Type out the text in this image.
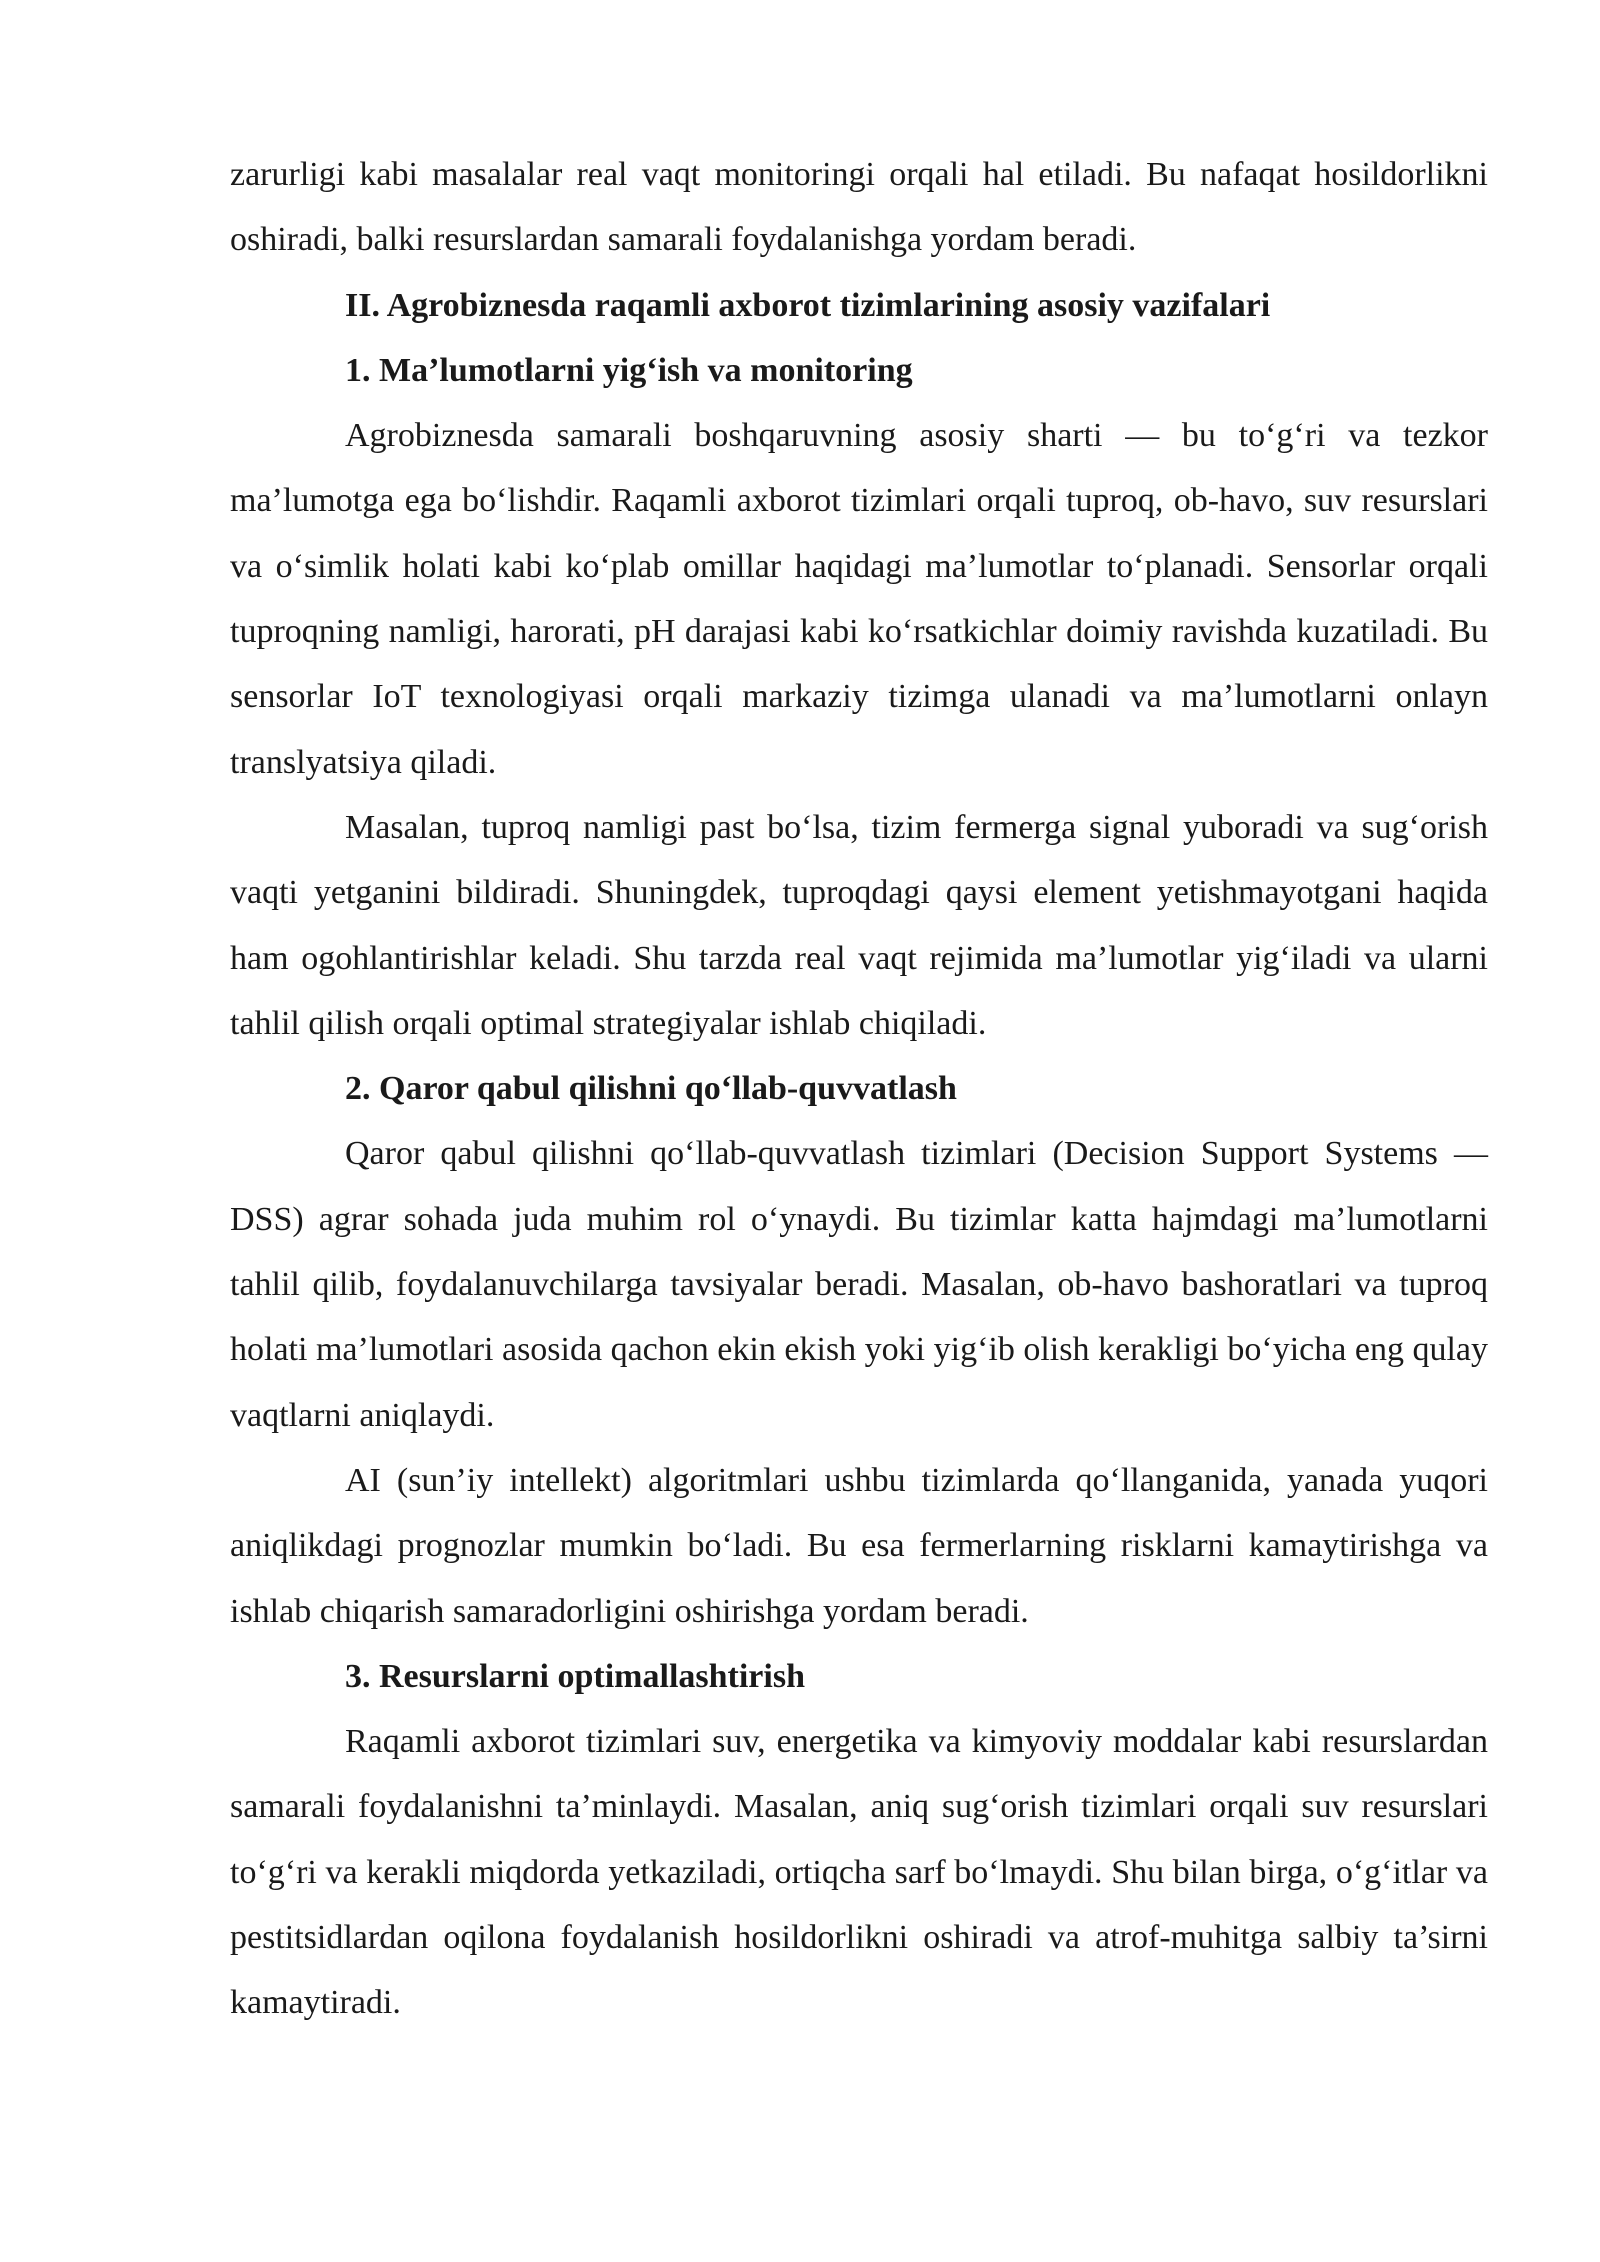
zarurligi kabi masalalar real vaqt monitoringi orqali hal etiladi. Bu nafaqat hosildorlikni oshiradi, balki resurslardan samarali foydalanishga yordam beradi.

II. Agrobiznesda raqamli axborot tizimlarining asosiy vazifalari
1. Ma’lumotlarni yig‘ish va monitoring

Agrobiznesda samarali boshqaruvning asosiy sharti — bu to‘g‘ri va tezkor ma’lumotga ega bo‘lishdir. Raqamli axborot tizimlari orqali tuproq, ob-havo, suv resurslari va o‘simlik holati kabi ko‘plab omillar haqidagi ma’lumotlar to‘planadi. Sensorlar orqali tuproqning namligi, harorati, pH darajasi kabi ko‘rsatkichlar doimiy ravishda kuzatiladi. Bu sensorlar IoT texnologiyasi orqali markaziy tizimga ulanadi va ma’lumotlarni onlayn translyatsiya qiladi.

Masalan, tuproq namligi past bo‘lsa, tizim fermerga signal yuboradi va sug‘orish vaqti yetganini bildiradi. Shuningdek, tuproqdagi qaysi element yetishmayotgani haqida ham ogohlantirishlar keladi. Shu tarzda real vaqt rejimida ma’lumotlar yig‘iladi va ularni tahlil qilish orqali optimal strategiyalar ishlab chiqiladi.

2. Qaror qabul qilishni qo‘llab-quvvatlash

Qaror qabul qilishni qo‘llab-quvvatlash tizimlari (Decision Support Systems — DSS) agrar sohada juda muhim rol o‘ynaydi. Bu tizimlar katta hajmdagi ma’lumotlarni tahlil qilib, foydalanuvchilarga tavsiyalar beradi. Masalan, ob-havo bashoratlari va tuproq holati ma’lumotlari asosida qachon ekin ekish yoki yig‘ib olish kerakligi bo‘yicha eng qulay vaqtlarni aniqlaydi.

AI (sun’iy intellekt) algoritmlari ushbu tizimlarda qo‘llanganida, yanada yuqori aniqlikdagi prognozlar mumkin bo‘ladi. Bu esa fermerlarning risklarni kamaytirishga va ishlab chiqarish samaradorligini oshirishga yordam beradi.

3. Resurslarni optimallashtirish

Raqamli axborot tizimlari suv, energetika va kimyoviy moddalar kabi resurslardan samarali foydalanishni ta’minlaydi. Masalan, aniq sug‘orish tizimlari orqali suv resurslari to‘g‘ri va kerakli miqdorda yetkaziladi, ortiqcha sarf bo‘lmaydi. Shu bilan birga, o‘g‘itlar va pestitsidlardan oqilona foydalanish hosildorlikni oshiradi va atrof-muhitga salbiy ta’sirni kamaytiradi.
